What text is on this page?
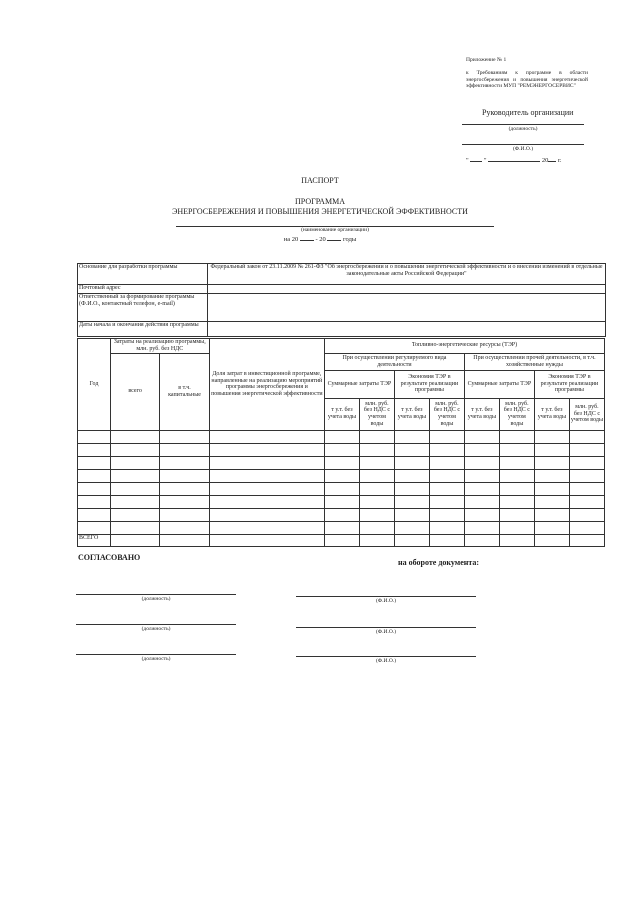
Приложение № 1
к Требованиям к программе в области энергосбережения и повышения энергетической эффективности МУП "РЕМЭНЕРГОСЕРВИС"
Руководитель организации
(должность)
(Ф.И.О.)
" "	20 г.
ПАСПОРТ
ПРОГРАММА
ЭНЕРГОСБЕРЕЖЕНИЯ И ПОВЫШЕНИЯ ЭНЕРГЕТИЧЕСКОЙ ЭФФЕКТИВНОСТИ
(наименование организации)
на 20	- 20	годы
Основание для разработки программы	Федеральный закон от 23.11.2009 № 261-ФЗ "Об энергосбережении и о повышении энергетической эффективности и о внесении изменений в отдельные законодательные акты Российской Федерации"
Почтовый адрес	
Ответственный за формирование программы (Ф.И.О., контактный телефон, e-mail)	
Даты начала и окончания действия программы	
Год	Затраты на реализацию программы, млн. руб. без НДС		Доля затрат в инвестиционной программе, направленные на реализацию мероприятий программы энергосбережения и повышения энергетической эффективности	Топливно-энергетические ресурсы (ТЭР)							
	всего	в т.ч. капитальные		При осуществлении регулируемого вида деятельности				При осуществлении прочей деятельности, в т.ч. хозяйственные нужды			
				Суммарные затраты ТЭР		Экономия ТЭР в результате реализации программы		Суммарные затраты ТЭР		Экономия ТЭР в результате реализации программы	
				т у.т. без учета воды	млн. руб. без НДС с учетом воды	т у.т. без учета воды	млн. руб. без НДС с учетом воды	т у.т. без учета воды	млн. руб. без НДС с учетом воды	т у.т. без учета воды	млн. руб. без НДС с учетом воды

ВСЕГО											
СОГЛАСОВАНО
на обороте документа:
(должность)	(Ф.И.О.)
(должность)	(Ф.И.О.)
(должность)	(Ф.И.О.)
